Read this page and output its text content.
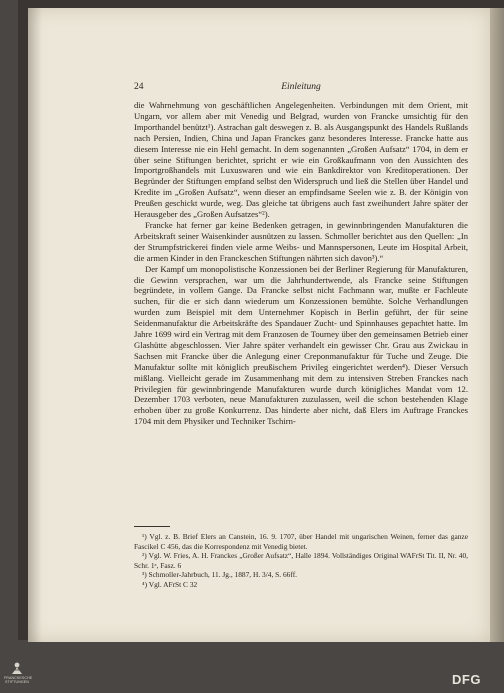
24	Einleitung

die Wahrnehmung von geschäftlichen Angelegenheiten. Verbindungen mit dem Orient, mit Ungarn, vor allem aber mit Venedig und Belgrad, wurden von Francke umsichtig für den Importhandel benützt¹). Astrachan galt deswegen z. B. als Ausgangspunkt des Handels Rußlands nach Persien, Indien, China und Japan Franckes ganz besonderes Interesse. Francke hatte aus diesem Interesse nie ein Hehl gemacht. In dem sogenannten „Großen Aufsatz“ 1704, in dem er über seine Stiftungen berichtet, spricht er wie ein Großkaufmann von den Aussichten des Importgroßhandels mit Luxuswaren und wie ein Bankdirektor von Kreditoperationen. Der Begründer der Stiftungen empfand selbst den Widerspruch und ließ die Stellen über Handel und Kredite im „Großen Aufsatz“, wenn dieser an empfindsame Seelen wie z. B. der Königin von Preußen geschickt wurde, weg. Das gleiche tat übrigens auch fast zweihundert Jahre später der Herausgeber des „Großen Aufsatzes“²).

Francke hat ferner gar keine Bedenken getragen, in gewinnbringenden Manufakturen die Arbeitskraft seiner Waisenkinder ausnützen zu lassen. Schmoller berichtet aus den Quellen: „In der Strumpfstrickerei finden viele arme Weibs- und Mannspersonen, Leute im Hospital Arbeit, die armen Kinder in den Franckeschen Stiftungen nährten sich davon³).“

Der Kampf um monopolistische Konzessionen bei der Berliner Regierung für Manufakturen, die Gewinn versprachen, war um die Jahrhundertwende, als Francke seine Stiftungen begründete, in vollem Gange. Da Francke selbst nicht Fachmann war, mußte er Fachleute suchen, für die er sich dann wiederum um Konzessionen bemühte. Solche Verhandlungen wurden zum Beispiel mit dem Unternehmer Kopisch in Berlin geführt, der für seine Seidenmanufaktur die Arbeitskräfte des Spandauer Zucht- und Spinnhauses gepachtet hatte. Im Jahre 1699 wird ein Vertrag mit dem Franzosen de Tourney über den gemeinsamen Betrieb einer Glashütte abgeschlossen. Vier Jahre später verhandelt ein gewisser Chr. Grau aus Zwickau in Sachsen mit Francke über die Anlegung einer Creponmanufaktur für Tuche und Zeuge. Die Manufaktur sollte mit königlich preußischem Privileg eingerichtet werden⁴). Dieser Versuch mißlang. Vielleicht gerade im Zusammenhang mit dem zu intensiven Streben Franckes nach Privilegien für gewinnbringende Manufakturen wurde durch königliches Mandat vom 12. Dezember 1703 verboten, neue Manufakturen zuzulassen, weil die schon bestehenden Klage erhoben über zu große Konkurrenz. Das hinderte aber nicht, daß Elers im Auftrage Franckes 1704 mit dem Physiker und Techniker Tschirn-

¹) Vgl. z. B. Brief Elers an Canstein, 16. 9. 1707, über Handel mit ungarischen Weinen, ferner das ganze Fascikel C 456, das die Korrespondenz mit Venedig bietet.

²) Vgl. W. Fries, A. H. Franckes „Großer Aufsatz“, Halle 1894. Vollständiges Original WAFrSt Tit. II, Nr. 40, Schr. 1ᵃ, Fasz. 6

³) Schmoller-Jahrbuch, 11. Jg., 1887, H. 3/4, S. 66ff.

⁴) Vgl. AFrSt C 32

FRANCKESCHE
STIFTUNGEN	DFG
